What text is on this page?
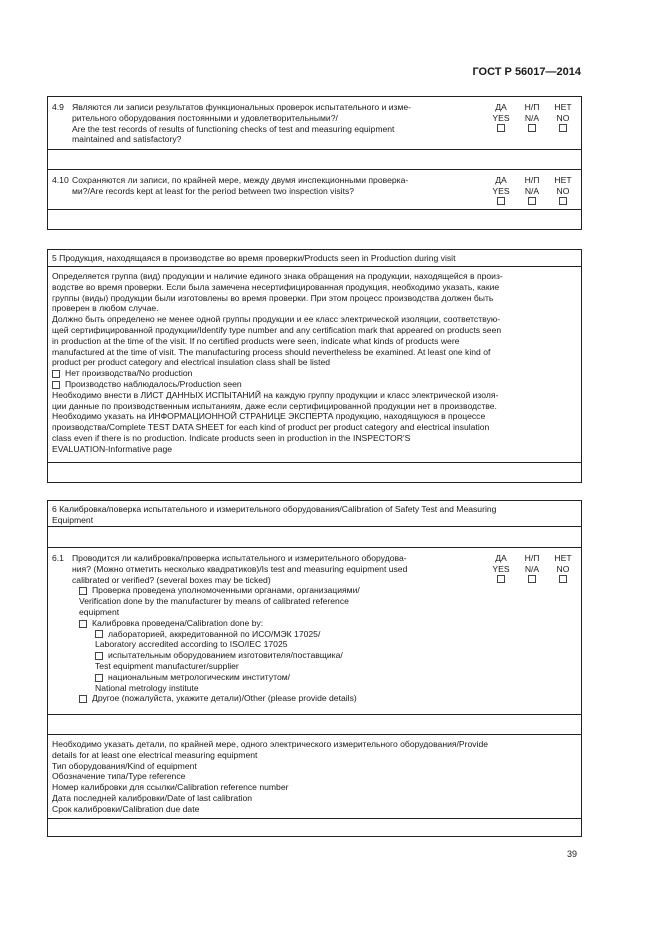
ГОСТ Р 56017—2014
4.9 Являются ли записи результатов функциональных проверок испытательного и изме-
рительного оборудования постоянными и удовлетворительными?/
Are the test records of results of functioning checks of test and measuring equipment
maintained and satisfactory?
ДА
YES
Н/П
N/A
НЕТ
NO
4.10 Сохраняются ли записи, по крайней мере, между двумя инспекционными проверка-
ми?/Are records kept at least for the period between two inspection visits?
ДА
YES
Н/П
N/A
НЕТ
NO
5 Продукция, находящаяся в производстве во время проверки/Products seen in Production during visit
Определяется группа (вид) продукции и наличие единого знака обращения на продукции, находящейся в произ-
водстве во время проверки. Если была замечена несертифицированная продукция, необходимо указать, какие
группы (виды) продукции были изготовлены во время проверки. При этом процесс производства должен быть
проверен в любом случае.
Должно быть определено не менее одной группы продукции и ее класс электрической изоляции, соответствую-
щей сертифицированной продукции/Identify type number and any certification mark that appeared on products seen
in production at the time of the visit. If no certified products were seen, indicate what kinds of products were
manufactured at the time of visit. The manufacturing process should nevertheless be examined. At least one kind of
product per product category and electrical insulation class shall be listed
Нет производства/No production
Производство наблюдалось/Production seen
Необходимо внести в ЛИСТ ДАННЫХ ИСПЫТАНИЙ на каждую группу продукции и класс электрической изоля-
ции данные по производственным испытаниям, даже если сертифицированной продукции нет в производстве.
Необходимо указать на ИНФОРМАЦИОННОЙ СТРАНИЦЕ ЭКСПЕРТА продукцию, находящуюся в процессе
производства/Complete TEST DATA SHEET for each kind of product per product category and electrical insulation
class even if there is no production. Indicate products seen in production in the INSPECTOR'S
EVALUATION-Informative page
6 Калибровка/поверка испытательного и измерительного оборудования/Calibration of Safety Test and Measuring
Equipment
6.1 Проводится ли калибровка/проверка испытательного и измерительного оборудова-
ния? (Можно отметить несколько квадратиков)/Is test and measuring equipment used
calibrated or verified? (several boxes may be ticked)
Проверка проведена уполномоченными органами, организациями/
Verification done by the manufacturer by means of calibrated reference
equipment
Калибровка проведена/Calibration done by:
лабораторией, аккредитованной по ИСО/МЭК 17025/
Laboratory accredited according to ISO/IEC 17025
испытательным оборудованием изготовителя/поставщика/
Test equipment manufacturer/supplier
национальным метрологическим институтом/
National metrology institute
Другое (пожалуйста, укажите детали)/Other (please provide details)
ДА
YES
Н/П
N/A
НЕТ
NO
Необходимо указать детали, по крайней мере, одного электрического измерительного оборудования/Provide
details for at least one electrical measuring equipment
Тип оборудования/Kind of equipment
Обозначение типа/Type reference
Номер калибровки для ссылки/Calibration reference number
Дата последней калибровки/Date of last calibration
Срок калибровки/Calibration due date
39
